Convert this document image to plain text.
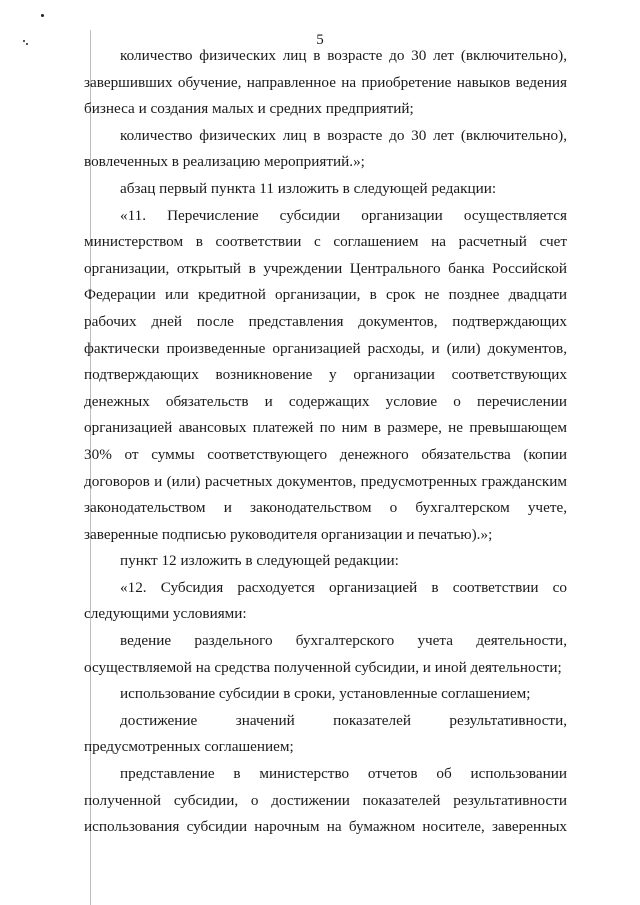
5

количество физических лиц в возрасте до 30 лет (включительно), завершивших обучение, направленное на приобретение навыков ведения бизнеса и создания малых и средних предприятий;

количество физических лиц в возрасте до 30 лет (включительно), вовлеченных в реализацию мероприятий.»;

абзац первый пункта 11 изложить в следующей редакции:

«11. Перечисление субсидии организации осуществляется министерством в соответствии с соглашением на расчетный счет организации, открытый в учреждении Центрального банка Российской Федерации или кредитной организации, в срок не позднее двадцати рабочих дней после представления документов, подтверждающих фактически произведенные организацией расходы, и (или) документов, подтверждающих возникновение у организации соответствующих денежных обязательств и содержащих условие о перечислении организацией авансовых платежей по ним в размере, не превышающем 30% от суммы соответствующего денежного обязательства (копии договоров и (или) расчетных документов, предусмотренных гражданским законодательством и законодательством о бухгалтерском учете, заверенные подписью руководителя организации и печатью).»;

пункт 12 изложить в следующей редакции:

«12. Субсидия расходуется организацией в соответствии со следующими условиями:

ведение раздельного бухгалтерского учета деятельности, осуществляемой на средства полученной субсидии, и иной деятельности;

использование субсидии в сроки, установленные соглашением;

достижение значений показателей результативности, предусмотренных соглашением;

представление в министерство отчетов об использовании полученной субсидии, о достижении показателей результативности использования субсидии нарочным на бумажном носителе, заверенных
